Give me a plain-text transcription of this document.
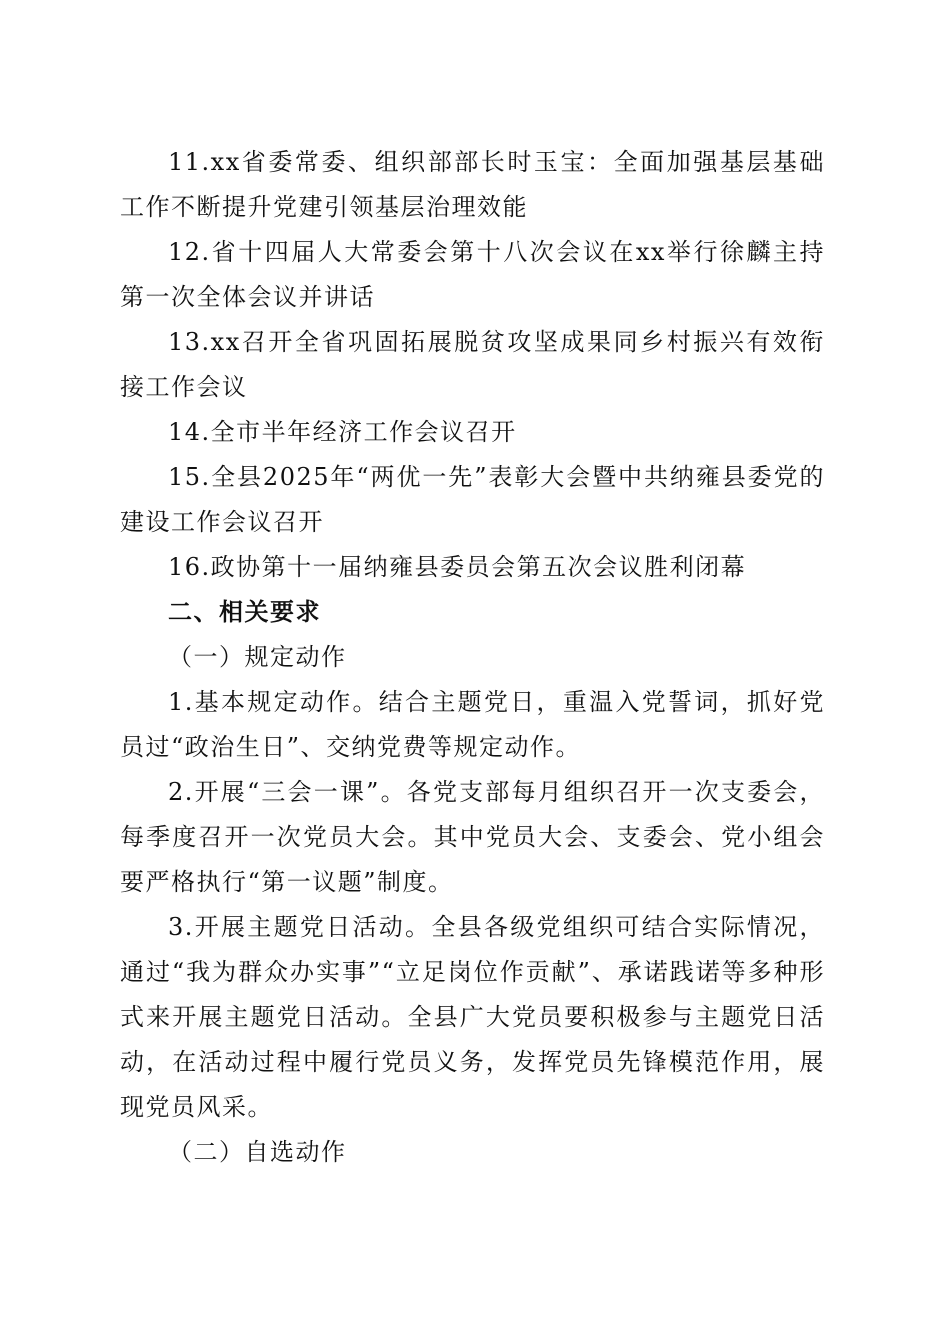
11.xx省委常委、组织部部长时玉宝：全面加强基层基础工作不断提升党建引领基层治理效能

12.省十四届人大常委会第十八次会议在xx举行徐麟主持第一次全体会议并讲话

13.xx召开全省巩固拓展脱贫攻坚成果同乡村振兴有效衔接工作会议

14.全市半年经济工作会议召开

15.全县2025年“两优一先”表彰大会暨中共纳雍县委党的建设工作会议召开

16.政协第十一届纳雍县委员会第五次会议胜利闭幕

二、相关要求

（一）规定动作

1.基本规定动作。结合主题党日，重温入党誓词，抓好党员过“政治生日”、交纳党费等规定动作。

2.开展“三会一课”。各党支部每月组织召开一次支委会，每季度召开一次党员大会。其中党员大会、支委会、党小组会要严格执行“第一议题”制度。

3.开展主题党日活动。全县各级党组织可结合实际情况，通过“我为群众办实事”“立足岗位作贡献”、承诺践诺等多种形式来开展主题党日活动。全县广大党员要积极参与主题党日活动，在活动过程中履行党员义务，发挥党员先锋模范作用，展现党员风采。

（二）自选动作
